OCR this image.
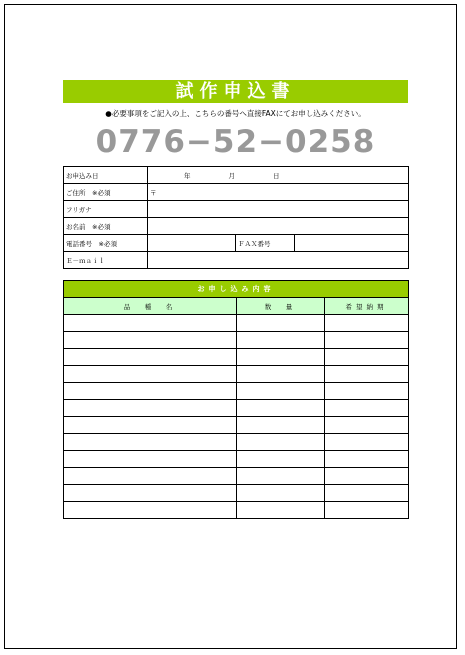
試作申込書
●必要事項をご記入の上、こちらの番号へ直接FAXにてお申し込みください。
0776−52−0258
お申込み日	年 月 日		
ご住所　※必須	〒		
フリガナ			
お名前　※必須			
電話番号　※必須		ＦＡＸ番号	
Ｅ－ｍａｉｌ			
お申し込み内容		
品　種　名	数　量	希望納期
